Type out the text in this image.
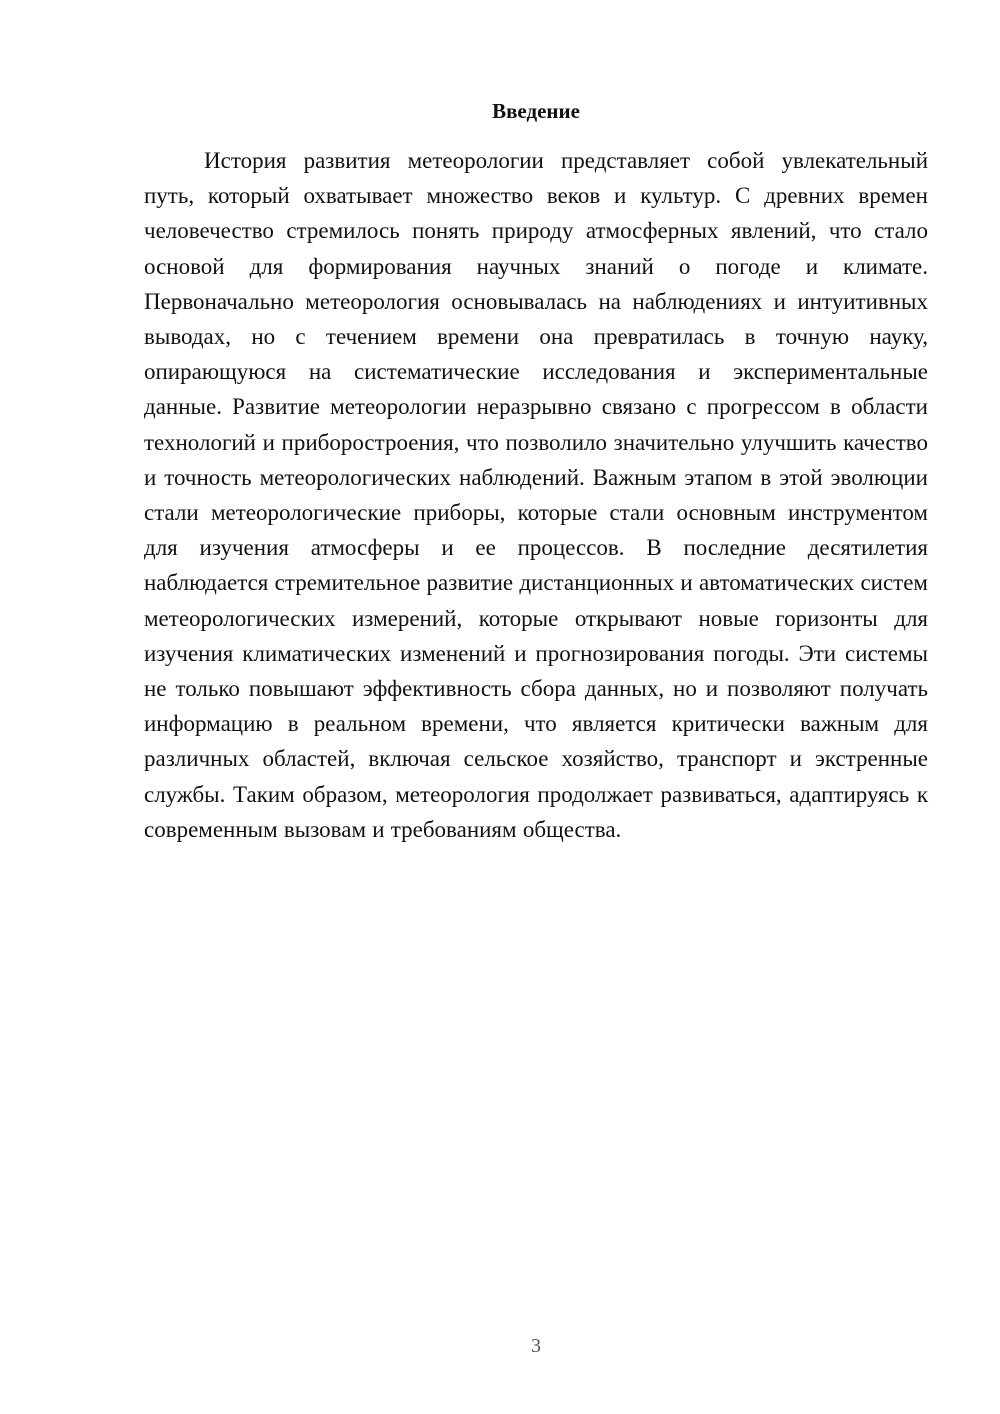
Введение

История развития метеорологии представляет собой увлекательный путь, который охватывает множество веков и культур. С древних времен человечество стремилось понять природу атмосферных явлений, что стало основой для формирования научных знаний о погоде и климате. Первоначально метеорология основывалась на наблюдениях и интуитивных выводах, но с течением времени она превратилась в точную науку, опирающуюся на систематические исследования и экспериментальные данные. Развитие метеорологии неразрывно связано с прогрессом в области технологий и приборостроения, что позволило значительно улучшить качество и точность метеорологических наблюдений. Важным этапом в этой эволюции стали метеорологические приборы, которые стали основным инструментом для изучения атмосферы и ее процессов. В последние десятилетия наблюдается стремительное развитие дистанционных и автоматических систем метеорологических измерений, которые открывают новые горизонты для изучения климатических изменений и прогнозирования погоды. Эти системы не только повышают эффективность сбора данных, но и позволяют получать информацию в реальном времени, что является критически важным для различных областей, включая сельское хозяйство, транспорт и экстренные службы. Таким образом, метеорология продолжает развиваться, адаптируясь к современным вызовам и требованиям общества.

3
